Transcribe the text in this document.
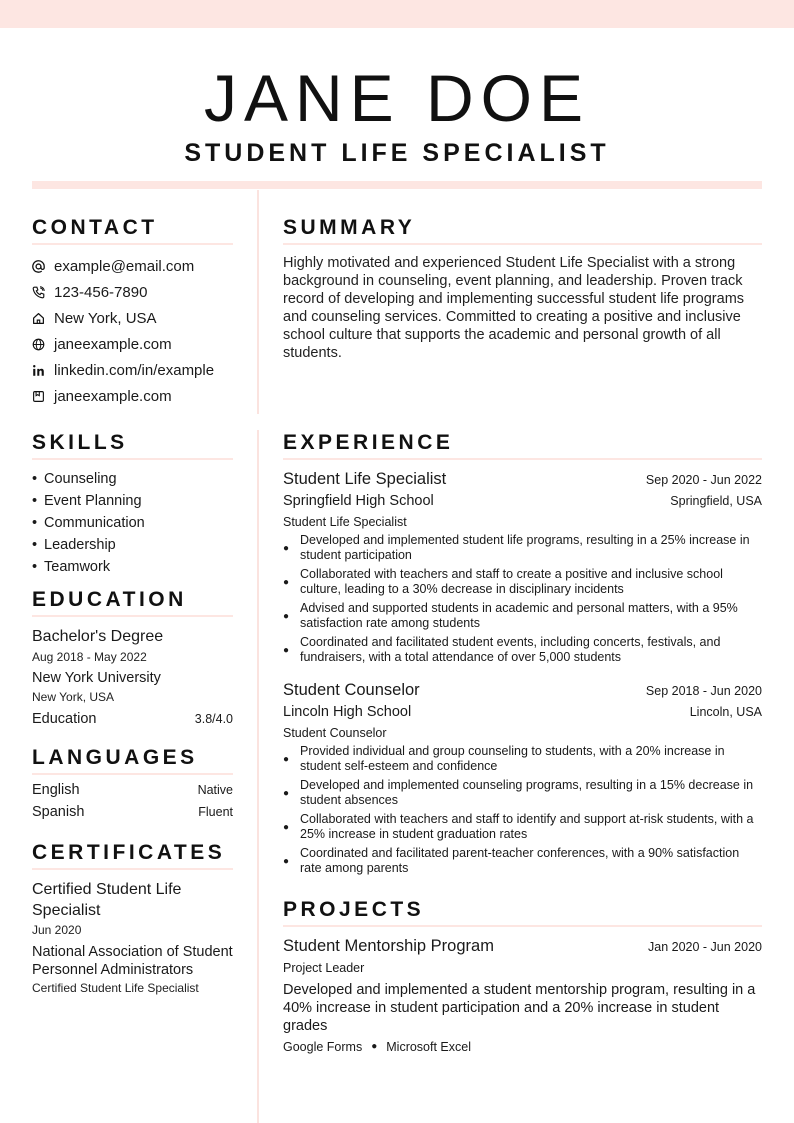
JANE DOE
STUDENT LIFE SPECIALIST
CONTACT
example@email.com
123-456-7890
New York, USA
janeexample.com
linkedin.com/in/example
janeexample.com
SUMMARY
Highly motivated and experienced Student Life Specialist with a strong background in counseling, event planning, and leadership. Proven track record of developing and implementing successful student life programs and counseling services. Committed to creating a positive and inclusive school culture that supports the academic and personal growth of all students.
SKILLS
• Counseling
• Event Planning
• Communication
• Leadership
• Teamwork
EDUCATION
Bachelor's Degree
Aug 2018 - May 2022
New York University
New York, USA
Education	3.8/4.0
LANGUAGES
English	Native
Spanish	Fluent
CERTIFICATES
Certified Student Life Specialist
Jun 2020
National Association of Student Personnel Administrators
Certified Student Life Specialist
EXPERIENCE
Student Life Specialist	Sep 2020 - Jun 2022
Springfield High School	Springfield, USA
Student Life Specialist
●
Developed and implemented student life programs, resulting in a 25% increase in student participation
●
Collaborated with teachers and staff to create a positive and inclusive school culture, leading to a 30% decrease in disciplinary incidents
●
Advised and supported students in academic and personal matters, with a 95% satisfaction rate among students
●
Coordinated and facilitated student events, including concerts, festivals, and fundraisers, with a total attendance of over 5,000 students
Student Counselor	Sep 2018 - Jun 2020
Lincoln High School	Lincoln, USA
Student Counselor
●
Provided individual and group counseling to students, with a 20% increase in student self-esteem and confidence
●
Developed and implemented counseling programs, resulting in a 15% decrease in student absences
●
Collaborated with teachers and staff to identify and support at-risk students, with a 25% increase in student graduation rates
●
Coordinated and facilitated parent-teacher conferences, with a 90% satisfaction rate among parents
PROJECTS
Student Mentorship Program	Jan 2020 - Jun 2020
Project Leader
Developed and implemented a student mentorship program, resulting in a 40% increase in student participation and a 20% increase in student grades
Google Forms ● Microsoft Excel
